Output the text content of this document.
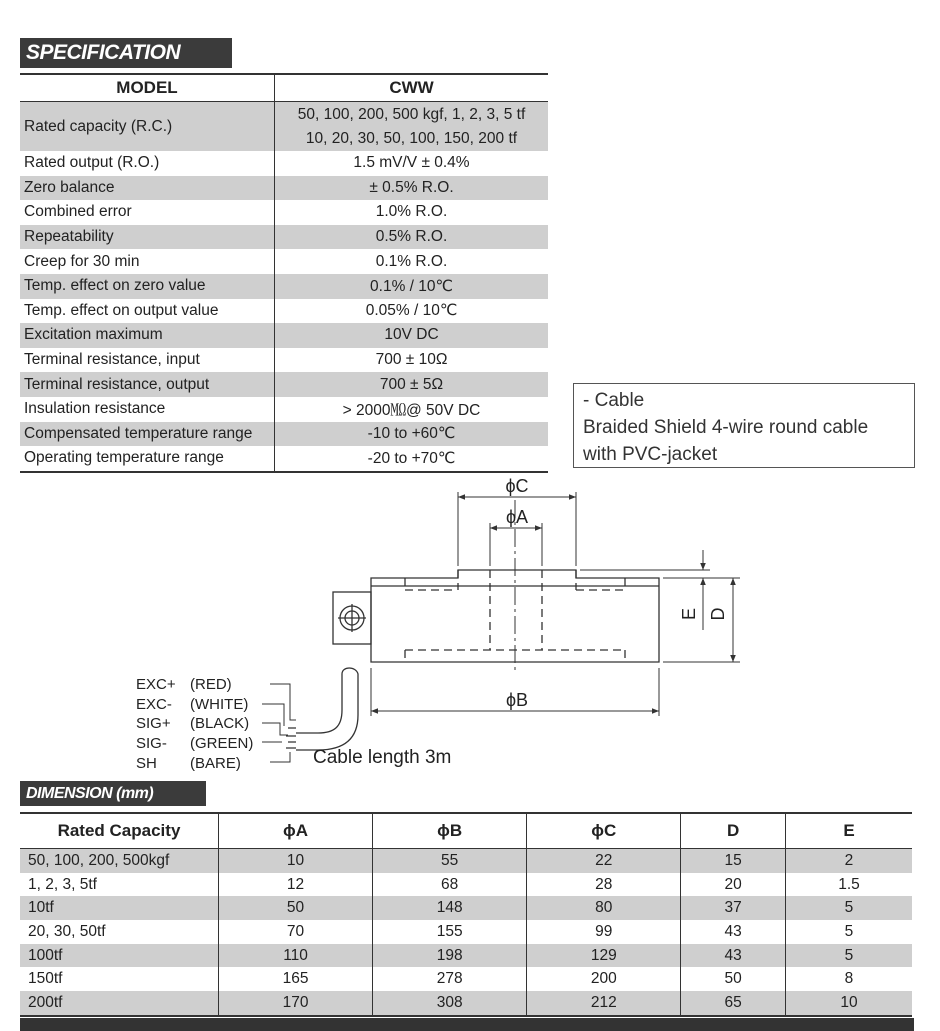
SPECIFICATION
MODEL	CWW
Rated capacity (R.C.)	50, 100, 200, 500 kgf, 1, 2, 3, 5 tf
10, 20, 30, 50, 100, 150, 200 tf

Rated output (R.O.)	1.5 mV/V ± 0.4%
Zero balance	± 0.5% R.O.
Combined error	1.0% R.O.
Repeatability	0.5% R.O.
Creep for 30 min	0.1% R.O.
Temp. effect on zero value	0.1% / 10℃
Temp. effect on output value	0.05% / 10℃
Excitation maximum	10V DC
Terminal resistance, input	700 ± 10Ω
Terminal resistance, output	700 ± 5Ω
Insulation resistance	> 2000㏁@ 50V DC
Compensated temperature range	-10 to +60℃
Operating temperature range	-20 to +70℃
- Cable
Braided Shield 4-wire round cable
with PVC-jacket
ϕC
ϕA
ϕB
E D
Cable length 3m
EXC+ (RED)
EXC- (WHITE)
SIG+ (BLACK)
SIG- (GREEN)
SH (BARE)
DIMENSION (mm)
Rated Capacity	ϕA	ϕB	ϕC	D	E
50, 100, 200, 500kgf	10	55	22	15	2
1, 2, 3, 5tf	12	68	28	20	1.5
10tf	50	148	80	37	5
20, 30, 50tf	70	155	99	43	5
100tf	110	198	129	43	5
150tf	165	278	200	50	8
200tf	170	308	212	65	10
